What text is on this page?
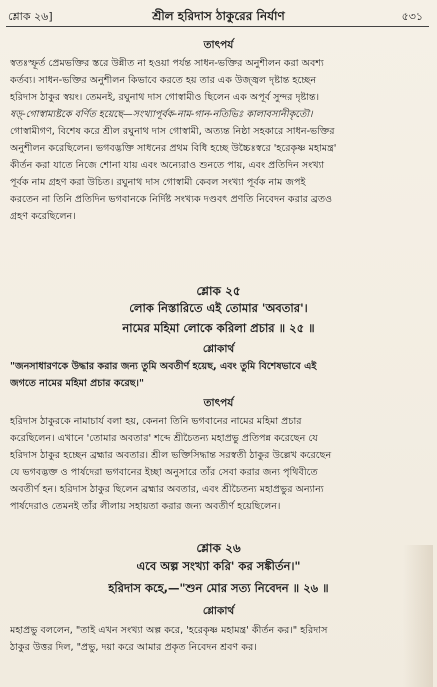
শ্লোক ২৬]	শ্রীল হরিদাস ঠাকুরের নির্যাণ	৫৩১
তাৎপর্য
স্বতঃস্ফূর্ত প্রেমভক্তির স্তরে উন্নীত না হওয়া পর্যন্ত সাধন-ভক্তির অনুশীলন করা অবশ্য
কর্তব্য। সাধন-ভক্তির অনুশীলন কিভাবে করতে হয় তার এক উজ্জ্বল দৃষ্টান্ত হচ্ছেন
হরিদাস ঠাকুর স্বয়ং। তেমনই, রঘুনাথ দাস গোস্বামীও ছিলেন এক অপূর্ব সুন্দর দৃষ্টান্ত।
ষড়্-গোস্বাম্যষ্টকে বর্ণিত হয়েছে—সংখ্যাপূর্বক-নাম-গান-নতিভিঃ কালাবসানীকৃতৌ।
গোস্বামীগণ, বিশেষ করে শ্রীল রঘুনাথ দাস গোস্বামী, অত্যন্ত নিষ্ঠা সহকারে সাধন-ভক্তির
অনুশীলন করেছিলেন। ভগবদ্ভক্তি সাধনের প্রথম বিধি হচ্ছে উচ্চৈঃস্বরে 'হরেকৃষ্ণ মহামন্ত্র'
কীর্তন করা যাতে নিজে শোনা যায় এবং অন্যেরাও শুনতে পায়, এবং প্রতিদিন সংখ্যা
পূর্বক নাম গ্রহণ করা উচিত। রঘুনাথ দাস গোস্বামী কেবল সংখ্যা পূর্বক নাম জপই
করতেন না তিনি প্রতিদিন ভগবানকে নির্দিষ্ট সংখ্যক দণ্ডবৎ প্রণতি নিবেদন করার ব্রতও
গ্রহণ করেছিলেন।
শ্লোক ২৫
লোক নিস্তারিতে এই তোমার 'অবতার'।
নামের মহিমা লোকে করিলা প্রচার ॥ ২৫ ॥
শ্লোকার্থ
"জনসাধারণকে উদ্ধার করার জন্য তুমি অবতীর্ণ হয়েছ, এবং তুমি বিশেষভাবে এই
জগতে নামের মহিমা প্রচার করেছ।"
তাৎপর্য
হরিদাস ঠাকুরকে নামাচার্য বলা হয়, কেননা তিনি ভগবানের নামের মহিমা প্রচার
করেছিলেন। এখানে 'তোমার অবতার' শব্দে শ্রীচৈতন্য মহাপ্রভু প্রতিপন্ন করেছেন যে
হরিদাস ঠাকুর হচ্ছেন ব্রহ্মার অবতার। শ্রীল ভক্তিসিদ্ধান্ত সরস্বতী ঠাকুর উল্লেখ করেছেন
যে ভগবদ্ভক্ত ও পার্ষদেরা ভগবানের ইচ্ছা অনুসারে তাঁর সেবা করার জন্য পৃথিবীতে
অবতীর্ণ হন। হরিদাস ঠাকুর ছিলেন ব্রহ্মার অবতার, এবং শ্রীচৈতন্য মহাপ্রভুর অন্যান্য
পার্ষদেরাও তেমনই তাঁর লীলায় সহায়তা করার জন্য অবতীর্ণ হয়েছিলেন।
শ্লোক ২৬
এবে অল্প সংখ্যা করি' কর সঙ্কীর্তন।"
হরিদাস কহে,—"শুন মোর সত্য নিবেদন ॥ ২৬ ॥
শ্লোকার্থ
মহাপ্রভু বললেন, "তাই এখন সংখ্যা অল্প করে, 'হরেকৃষ্ণ মহামন্ত্র' কীর্তন কর।" হরিদাস
ঠাকুর উত্তর দিল, "প্রভু, দয়া করে আমার প্রকৃত নিবেদন শ্রবণ কর।
